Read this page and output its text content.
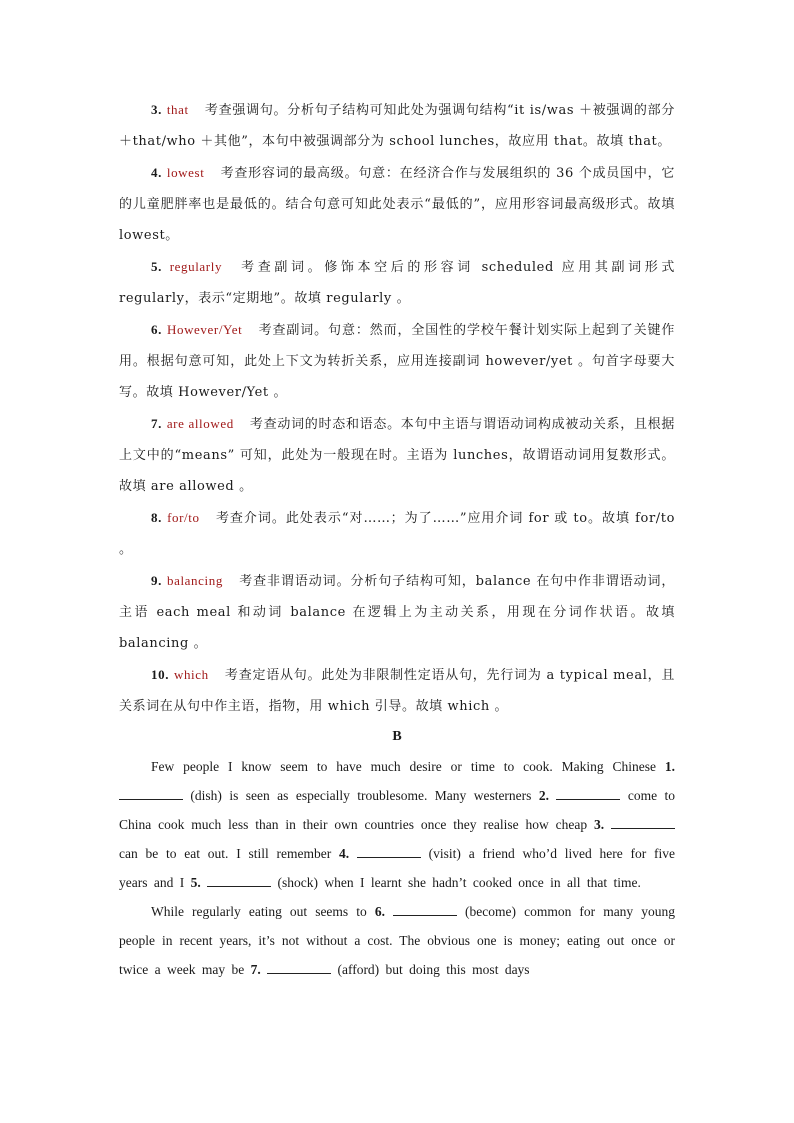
3. that 考查强调句。分析句子结构可知此处为强调句结构“it is/was ＋被强调的部分＋that/who ＋其他”，本句中被强调部分为 school lunches，故应用 that。故填 that。
4. lowest 考查形容词的最高级。句意：在经济合作与发展组织的 36 个成员国中，它的儿童肥胖率也是最低的。结合句意可知此处表示“最低的”，应用形容词最高级形式。故填 lowest。
5. regularly 考查副词。修饰本空后的形容词 scheduled 应用其副词形式 regularly，表示“定期地”。故填 regularly 。
6. However/Yet 考查副词。句意：然而，全国性的学校午餐计划实际上起到了关键作用。根据句意可知，此处上下文为转折关系，应用连接副词 however/yet 。句首字母要大写。故填 However/Yet 。
7. are allowed 考查动词的时态和语态。本句中主语与谓语动词构成被动关系，且根据上文中的“means” 可知，此处为一般现在时。主语为 lunches，故谓语动词用复数形式。故填 are allowed 。
8. for/to 考查介词。此处表示“对……；为了……”应用介词 for 或 to。故填 for/to 。
9. balancing 考查非谓语动词。分析句子结构可知，balance 在句中作非谓语动词，主语 each meal 和动词 balance 在逻辑上为主动关系，用现在分词作状语。故填 balancing 。
10. which 考查定语从句。此处为非限制性定语从句，先行词为 a typical meal，且关系词在从句中作主语，指物，用 which 引导。故填 which 。
B

Few people I know seem to have much desire or time to cook. Making Chinese 1.  (dish) is seen as especially troublesome. Many westerners 2.	come to China cook much less than in their own countries once they realise how cheap 3.  can be to eat out. I still remember 4.	(visit) a friend who’d lived here for five years and I 5.	(shock) when I learnt she hadn’t cooked once in all that time.

While regularly eating out seems to 6.	(become) common for many young people in recent years, it’s not without a cost. The obvious one is money; eating out once or twice a week may be 7.	(afford) but doing this most days
